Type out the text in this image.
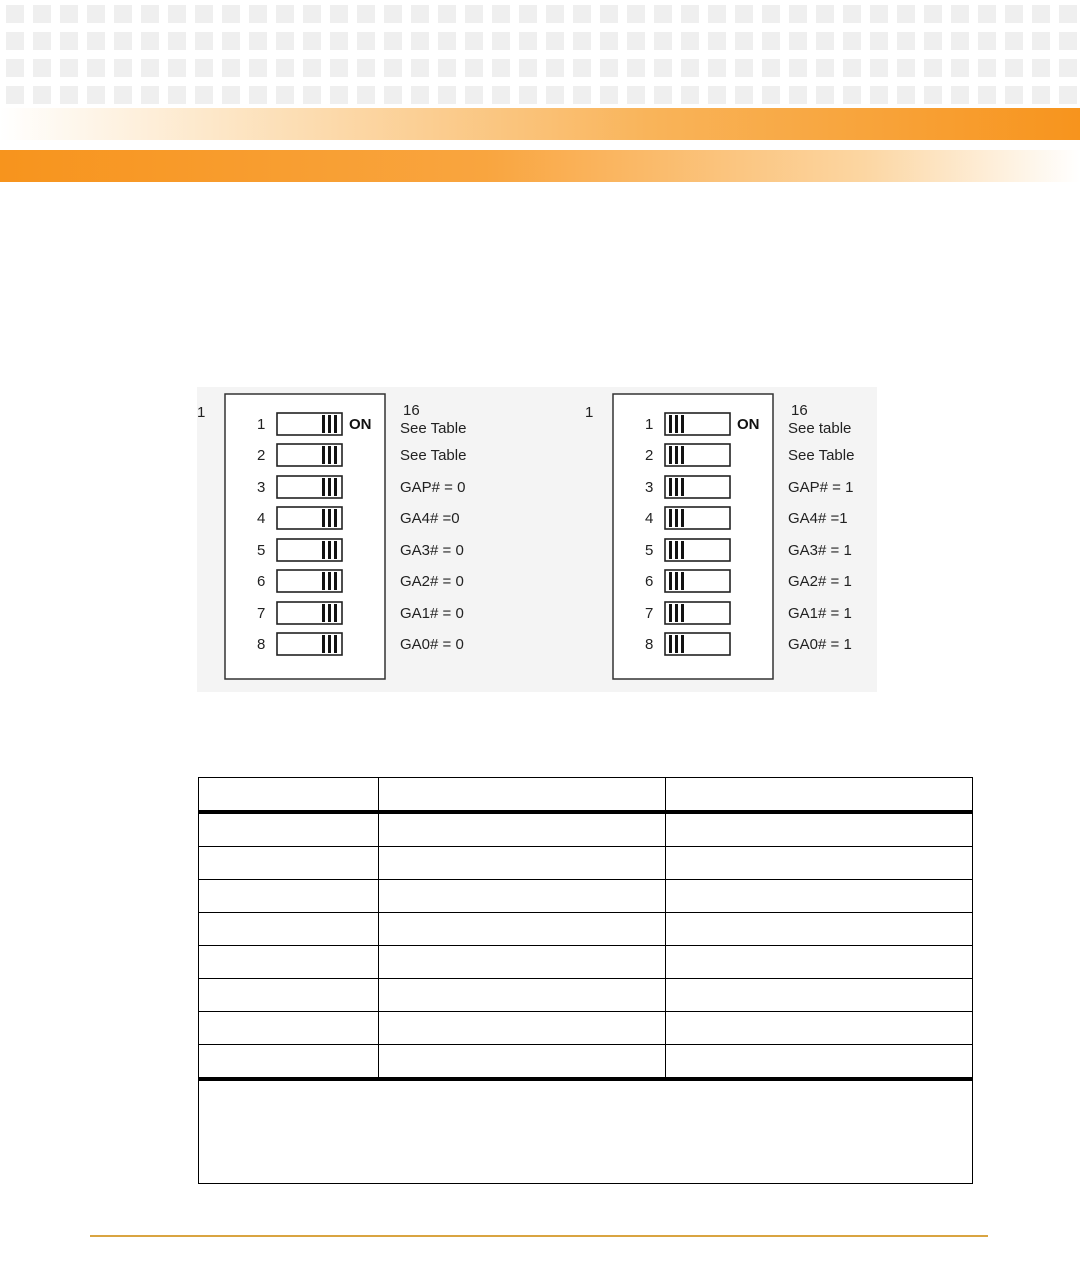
1	16
ON
1	See Table
2	See Table
3	GAP# = 0
4	GA4# =0
5	GA3# = 0
6	GA2# = 0
7	GA1# = 0
8	GA0# = 0
1	16
ON
1	See table
2	See Table
3	GAP# = 1
4	GA4# =1
5	GA3# = 1
6	GA2# = 1
7	GA1# = 1
8	GA0# = 1
